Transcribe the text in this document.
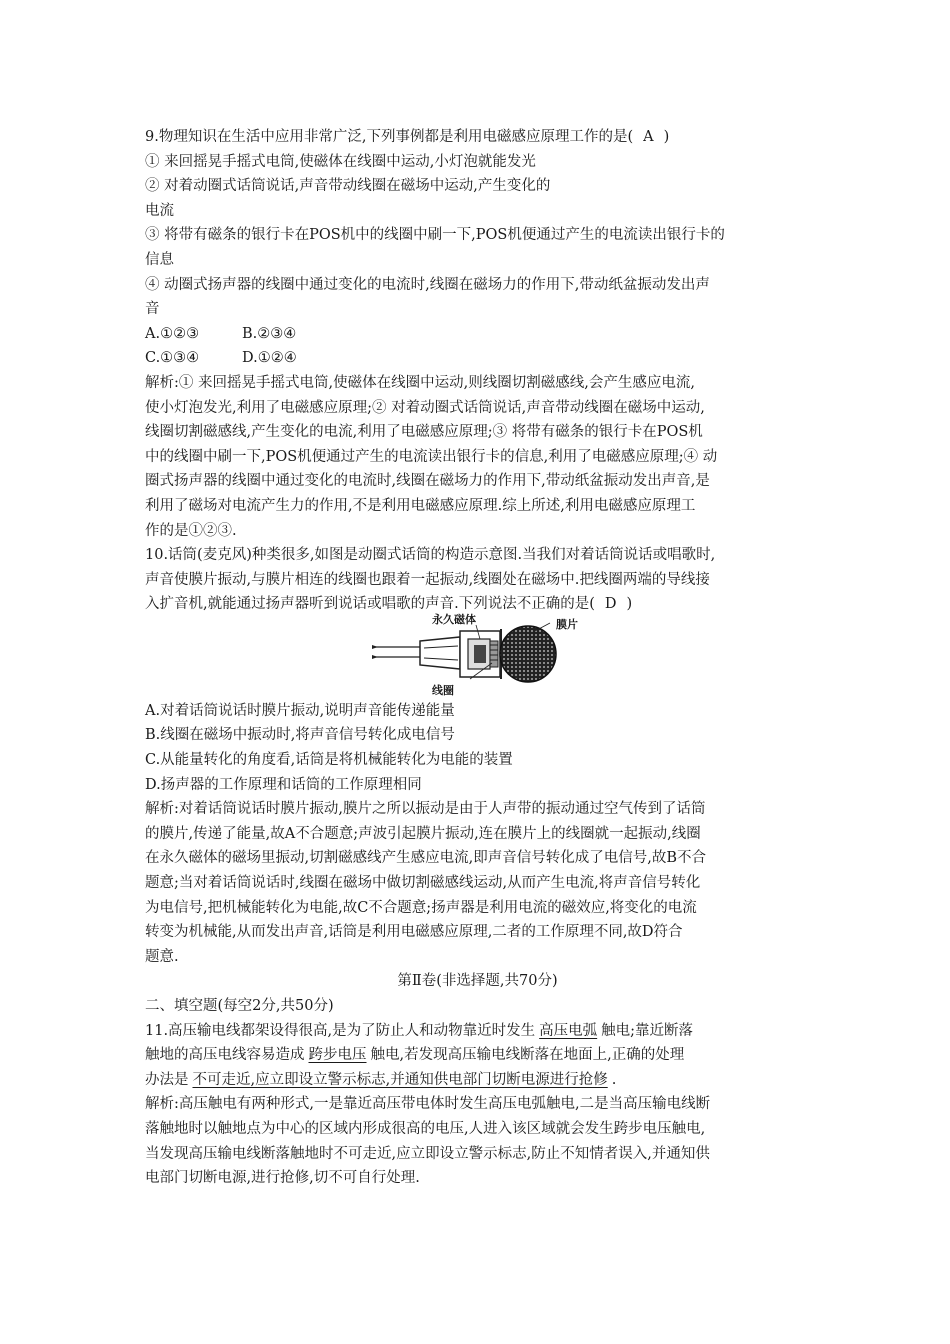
9.物理知识在生活中应用非常广泛,下列事例都是利用电磁感应原理工作的是( A )
① 来回摇晃手摇式电筒,使磁体在线圈中运动,小灯泡就能发光
② 对着动圈式话筒说话,声音带动线圈在磁场中运动,产生变化的
电流
③ 将带有磁条的银行卡在POS机中的线圈中刷一下,POS机便通过产生的电流读出银行卡的
信息
④ 动圈式扬声器的线圈中通过变化的电流时,线圈在磁场力的作用下,带动纸盆振动发出声
音
A.①②③	B.②③④
C.①③④	D.①②④
解析:① 来回摇晃手摇式电筒,使磁体在线圈中运动,则线圈切割磁感线,会产生感应电流,
使小灯泡发光,利用了电磁感应原理;② 对着动圈式话筒说话,声音带动线圈在磁场中运动,
线圈切割磁感线,产生变化的电流,利用了电磁感应原理;③ 将带有磁条的银行卡在POS机
中的线圈中刷一下,POS机便通过产生的电流读出银行卡的信息,利用了电磁感应原理;④ 动
圈式扬声器的线圈中通过变化的电流时,线圈在磁场力的作用下,带动纸盆振动发出声音,是
利用了磁场对电流产生力的作用,不是利用电磁感应原理.综上所述,利用电磁感应原理工
作的是①②③.
10.话筒(麦克风)种类很多,如图是动圈式话筒的构造示意图.当我们对着话筒说话或唱歌时,
声音使膜片振动,与膜片相连的线圈也跟着一起振动,线圈处在磁场中.把线圈两端的导线接
入扩音机,就能通过扬声器听到说话或唱歌的声音.下列说法不正确的是( D )
永久磁体	膜片
线圈
A.对着话筒说话时膜片振动,说明声音能传递能量
B.线圈在磁场中振动时,将声音信号转化成电信号
C.从能量转化的角度看,话筒是将机械能转化为电能的装置
D.扬声器的工作原理和话筒的工作原理相同
解析:对着话筒说话时膜片振动,膜片之所以振动是由于人声带的振动通过空气传到了话筒
的膜片,传递了能量,故A不合题意;声波引起膜片振动,连在膜片上的线圈就一起振动,线圈
在永久磁体的磁场里振动,切割磁感线产生感应电流,即声音信号转化成了电信号,故B不合
题意;当对着话筒说话时,线圈在磁场中做切割磁感线运动,从而产生电流,将声音信号转化
为电信号,把机械能转化为电能,故C不合题意;扬声器是利用电流的磁效应,将变化的电流
转变为机械能,从而发出声音,话筒是利用电磁感应原理,二者的工作原理不同,故D符合
题意.
第Ⅱ卷(非选择题,共70分)
二、填空题(每空2分,共50分)
11.高压输电线都架设得很高,是为了防止人和动物靠近时发生 高压电弧 触电;靠近断落
触地的高压电线容易造成 跨步电压 触电,若发现高压输电线断落在地面上,正确的处理
办法是 不可走近,应立即设立警示标志,并通知供电部门切断电源进行抢修 .
解析:高压触电有两种形式,一是靠近高压带电体时发生高压电弧触电,二是当高压输电线断
落触地时以触地点为中心的区域内形成很高的电压,人进入该区域就会发生跨步电压触电,
当发现高压输电线断落触地时不可走近,应立即设立警示标志,防止不知情者误入,并通知供
电部门切断电源,进行抢修,切不可自行处理.
